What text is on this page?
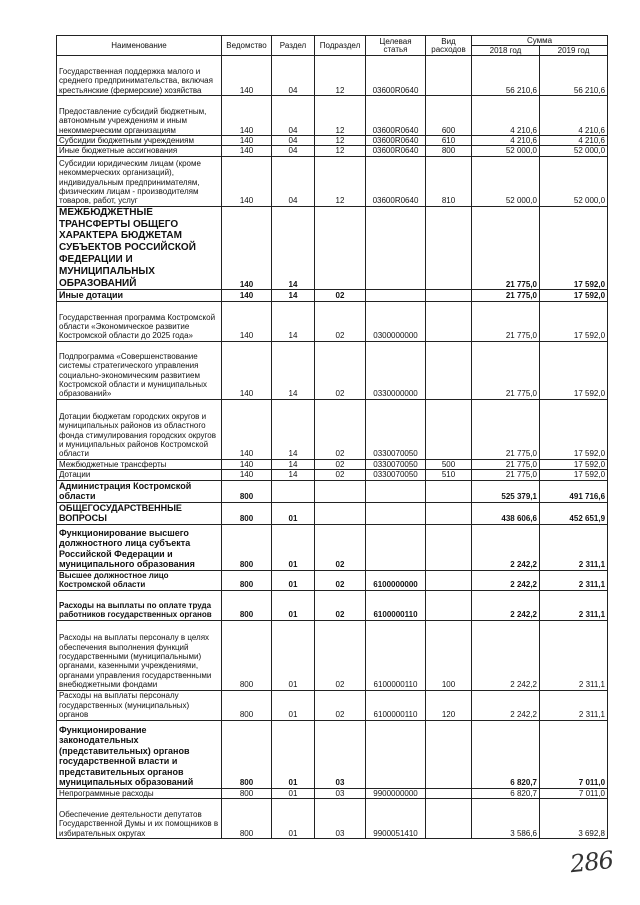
Наименование	Ведомство	Раздел	Подраздел	Целевая статья	Вид расходов	Сумма	
						2018 год	2019 год
Государственная поддержка малого и среднего предпринимательства, включая крестьянские (фермерские) хозяйства	140	04	12	03600R0640		56 210,6	56 210,6
Предоставление субсидий бюджетным, автономным учреждениям и иным некоммерческим организациям	140	04	12	03600R0640	600	4 210,6	4 210,6
Субсидии бюджетным учреждениям	140	04	12	03600R0640	610	4 210,6	4 210,6
Иные бюджетные ассигнования	140	04	12	03600R0640	800	52 000,0	52 000,0
Субсидии юридическим лицам (кроме некоммерческих организаций), индивидуальным предпринимателям, физическим лицам - производителям товаров, работ, услуг	140	04	12	03600R0640	810	52 000,0	52 000,0
МЕЖБЮДЖЕТНЫЕ ТРАНСФЕРТЫ ОБЩЕГО ХАРАКТЕРА БЮДЖЕТАМ СУБЪЕКТОВ РОССИЙСКОЙ ФЕДЕРАЦИИ И МУНИЦИПАЛЬНЫХ ОБРАЗОВАНИЙ	140	14				21 775,0	17 592,0
Иные дотации	140	14	02			21 775,0	17 592,0
Государственная программа Костромской области «Экономическое развитие Костромской области до 2025 года»	140	14	02	0300000000		21 775,0	17 592,0
Подпрограмма «Совершенствование системы стратегического управления социально-экономическим развитием Костромской области и муниципальных образований»	140	14	02	0330000000		21 775,0	17 592,0
Дотации бюджетам городских округов и муниципальных районов из областного фонда стимулирования городских округов и муниципальных районов Костромской области	140	14	02	0330070050		21 775,0	17 592,0
Межбюджетные трансферты	140	14	02	0330070050	500	21 775,0	17 592,0
Дотации	140	14	02	0330070050	510	21 775,0	17 592,0
Администрация Костромской области	800					525 379,1	491 716,6
ОБЩЕГОСУДАРСТВЕННЫЕ ВОПРОСЫ	800	01				438 606,6	452 651,9
Функционирование высшего должностного лица субъекта Российской Федерации и муниципального образования	800	01	02			2 242,2	2 311,1
Высшее должностное лицо Костромской области	800	01	02	6100000000		2 242,2	2 311,1
Расходы на выплаты по оплате труда работников государственных органов	800	01	02	6100000110		2 242,2	2 311,1
Расходы на выплаты персоналу в целях обеспечения выполнения функций государственными (муниципальными) органами, казенными учреждениями, органами управления государственными внебюджетными фондами	800	01	02	6100000110	100	2 242,2	2 311,1
Расходы на выплаты персоналу государственных (муниципальных) органов	800	01	02	6100000110	120	2 242,2	2 311,1
Функционирование законодательных (представительных) органов государственной власти и представительных органов муниципальных образований	800	01	03			6 820,7	7 011,0
Непрограммные расходы	800	01	03	9900000000		6 820,7	7 011,0
Обеспечение деятельности депутатов Государственной Думы и их помощников в избирательных округах	800	01	03	9900051410		3 586,6	3 692,8
286
